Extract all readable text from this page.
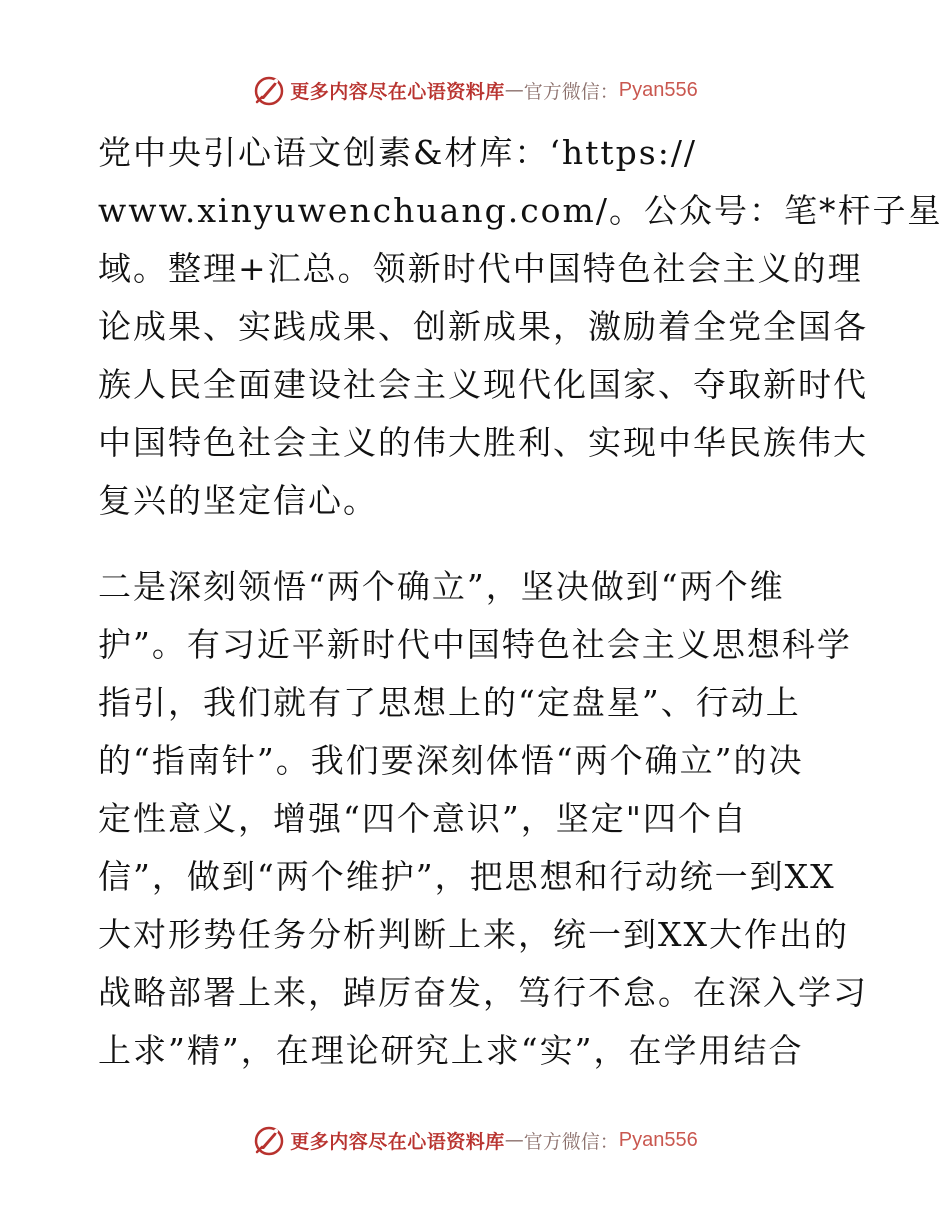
更多内容尽在心语资料库 — 官方微信： Pyan556
党中央引心语文创素&材库：‘https://
www.xinyuwenchuang.com/。公众号：笔*杆子星
域。整理+汇总。领新时代中国特色社会主义的理
论成果、实践成果、创新成果，激励着全党全国各
族人民全面建设社会主义现代化国家、夺取新时代
中国特色社会主义的伟大胜利、实现中华民族伟大
复兴的坚定信心。
二是深刻领悟“两个确立”，坚决做到“两个维
护”。有习近平新时代中国特色社会主义思想科学
指引，我们就有了思想上的“定盘星”、行动上
的“指南针”。我们要深刻体悟“两个确立”的决
定性意义，增强“四个意识”，坚定"四个自
信”，做到“两个维护”，把思想和行动统一到XX
大对形势任务分析判断上来，统一到XX大作出的
战略部署上来，踔厉奋发，笃行不怠。在深入学习
上求”精”，在理论研究上求“实”，在学用结合
更多内容尽在心语资料库 — 官方微信： Pyan556
